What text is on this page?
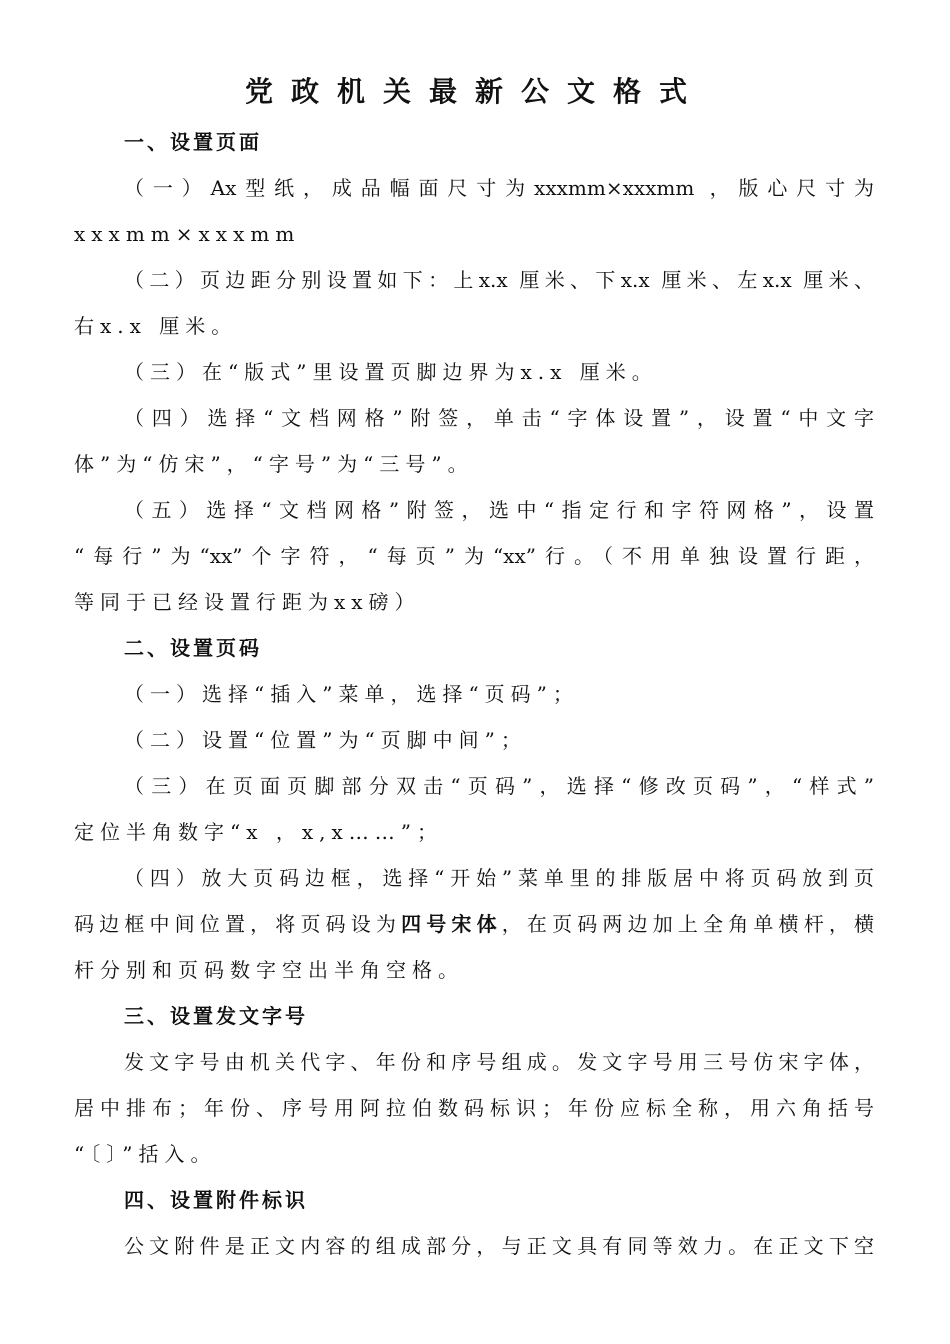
党政机关最新公文格式
一、设置页面
（一）Ax型纸，成品幅面尺寸为xxxmm×xxxmm ，版心尺寸为
xxxmm×xxxmm
（二）页边距分别设置如下：上x.x 厘米、下x.x 厘米、左x.x 厘米、
右x.x 厘米。
（三）在“版式”里设置页脚边界为x.x 厘米。
（四）选择“文档网格”附签，单击“字体设置”，设置“中文字
体”为“仿宋”，“字号”为“三号”。
（五）选择“文档网格”附签，选中“指定行和字符网格”，设置
“每行”为“xx”个字符，“每页”为“xx”行。（不用单独设置行距，
等同于已经设置行距为xx磅）
二、设置页码
（一）选择“插入”菜单，选择“页码”；
（二）设置“位置”为“页脚中间”；
（三）在页面页脚部分双击“页码”，选择“修改页码”，“样式”
定位半角数字“x ，x,x……”；
（四）放大页码边框，选择“开始”菜单里的排版居中将页码放到页
杆分别和页码数字空出半角空格。
三、设置发文字号
发文字号由机关代字、年份和序号组成。发文字号用三号仿宋字体，
居中排布；年份、序号用阿拉伯数码标识；年份应标全称，用六角括号
“〔〕”括入。
四、设置附件标识
公文附件是正文内容的组成部分，与正文具有同等效力。在正文下空
码边框中间位置，将页码设为四号宋体，在页码两边加上全角单横杆，横
